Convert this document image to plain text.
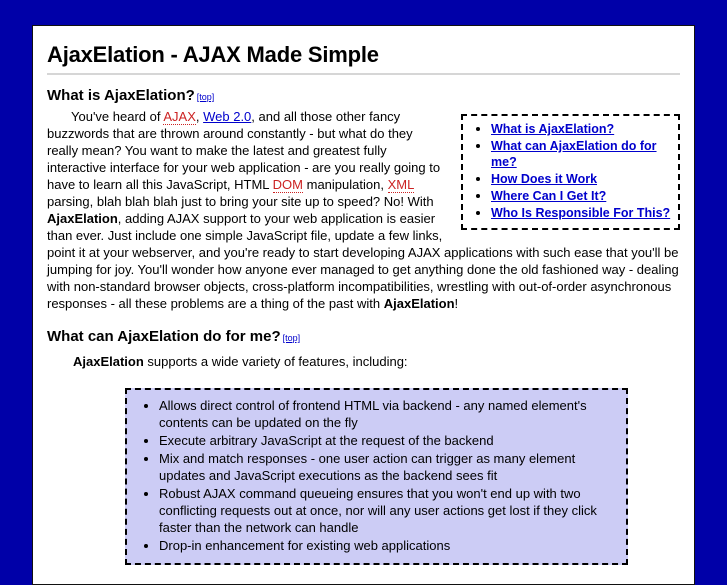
AjaxElation - AJAX Made Simple
What is AjaxElation? [top]
• What is AjaxElation?
• What can AjaxElation do for me?
• How Does it Work
• Where Can I Get It?
• Who Is Responsible For This?

You've heard of AJAX, Web 2.0, and all those other fancy buzzwords that are thrown around constantly - but what do they really mean? You want to make the latest and greatest fully interactive interface for your web application - are you really going to have to learn all this JavaScript, HTML DOM manipulation, XML parsing, blah blah blah just to bring your site up to speed? No! With AjaxElation, adding AJAX support to your web application is easier than ever. Just include one simple JavaScript file, update a few links, point it at your webserver, and you're ready to start developing AJAX applications with such ease that you'll be jumping for joy. You'll wonder how anyone ever managed to get anything done the old fashioned way - dealing with non-standard browser objects, cross-platform incompatibilities, wrestling with out-of-order asynchronous responses - all these problems are a thing of the past with AjaxElation!

What can AjaxElation do for me? [top]

AjaxElation supports a wide variety of features, including:

• Allows direct control of frontend HTML via backend - any named element's contents can be updated on the fly
• Execute arbitrary JavaScript at the request of the backend
• Mix and match responses - one user action can trigger as many element updates and JavaScript executions as the backend sees fit
• Robust AJAX command queueing ensures that you won't end up with two conflicting requests out at once, nor will any user actions get lost if they click faster than the network can handle
• Drop-in enhancement for existing web applications
